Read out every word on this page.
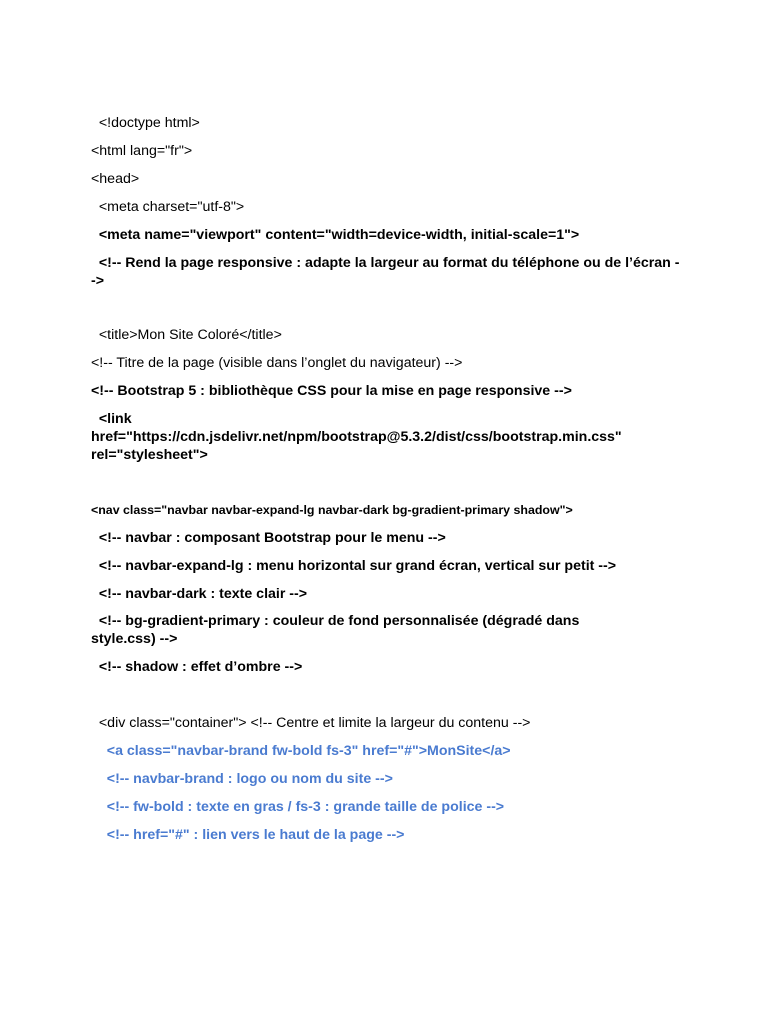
<!doctype html>

<html lang="fr">

<head>

<meta charset="utf-8">

<meta name="viewport" content="width=device-width, initial-scale=1">

<!-- Rend la page responsive : adapte la largeur au format du téléphone ou de l’écran -->

<title>Mon Site Coloré</title>

<!-- Titre de la page (visible dans l’onglet du navigateur) -->

<!-- Bootstrap 5 : bibliothèque CSS pour la mise en page responsive -->

<link
href="https://cdn.jsdelivr.net/npm/bootstrap@5.3.2/dist/css/bootstrap.min.css"
rel="stylesheet">

<nav class="navbar navbar-expand-lg navbar-dark bg-gradient-primary shadow">

<!-- navbar : composant Bootstrap pour le menu -->

<!-- navbar-expand-lg : menu horizontal sur grand écran, vertical sur petit -->

<!-- navbar-dark : texte clair -->

<!-- bg-gradient-primary : couleur de fond personnalisée (dégradé dans
style.css) -->

<!-- shadow : effet d’ombre -->

<div class="container"> <!-- Centre et limite la largeur du contenu -->

<a class="navbar-brand fw-bold fs-3" href="#">MonSite</a>

<!-- navbar-brand : logo ou nom du site -->

<!-- fw-bold : texte en gras / fs-3 : grande taille de police -->

<!-- href="#" : lien vers le haut de la page -->
